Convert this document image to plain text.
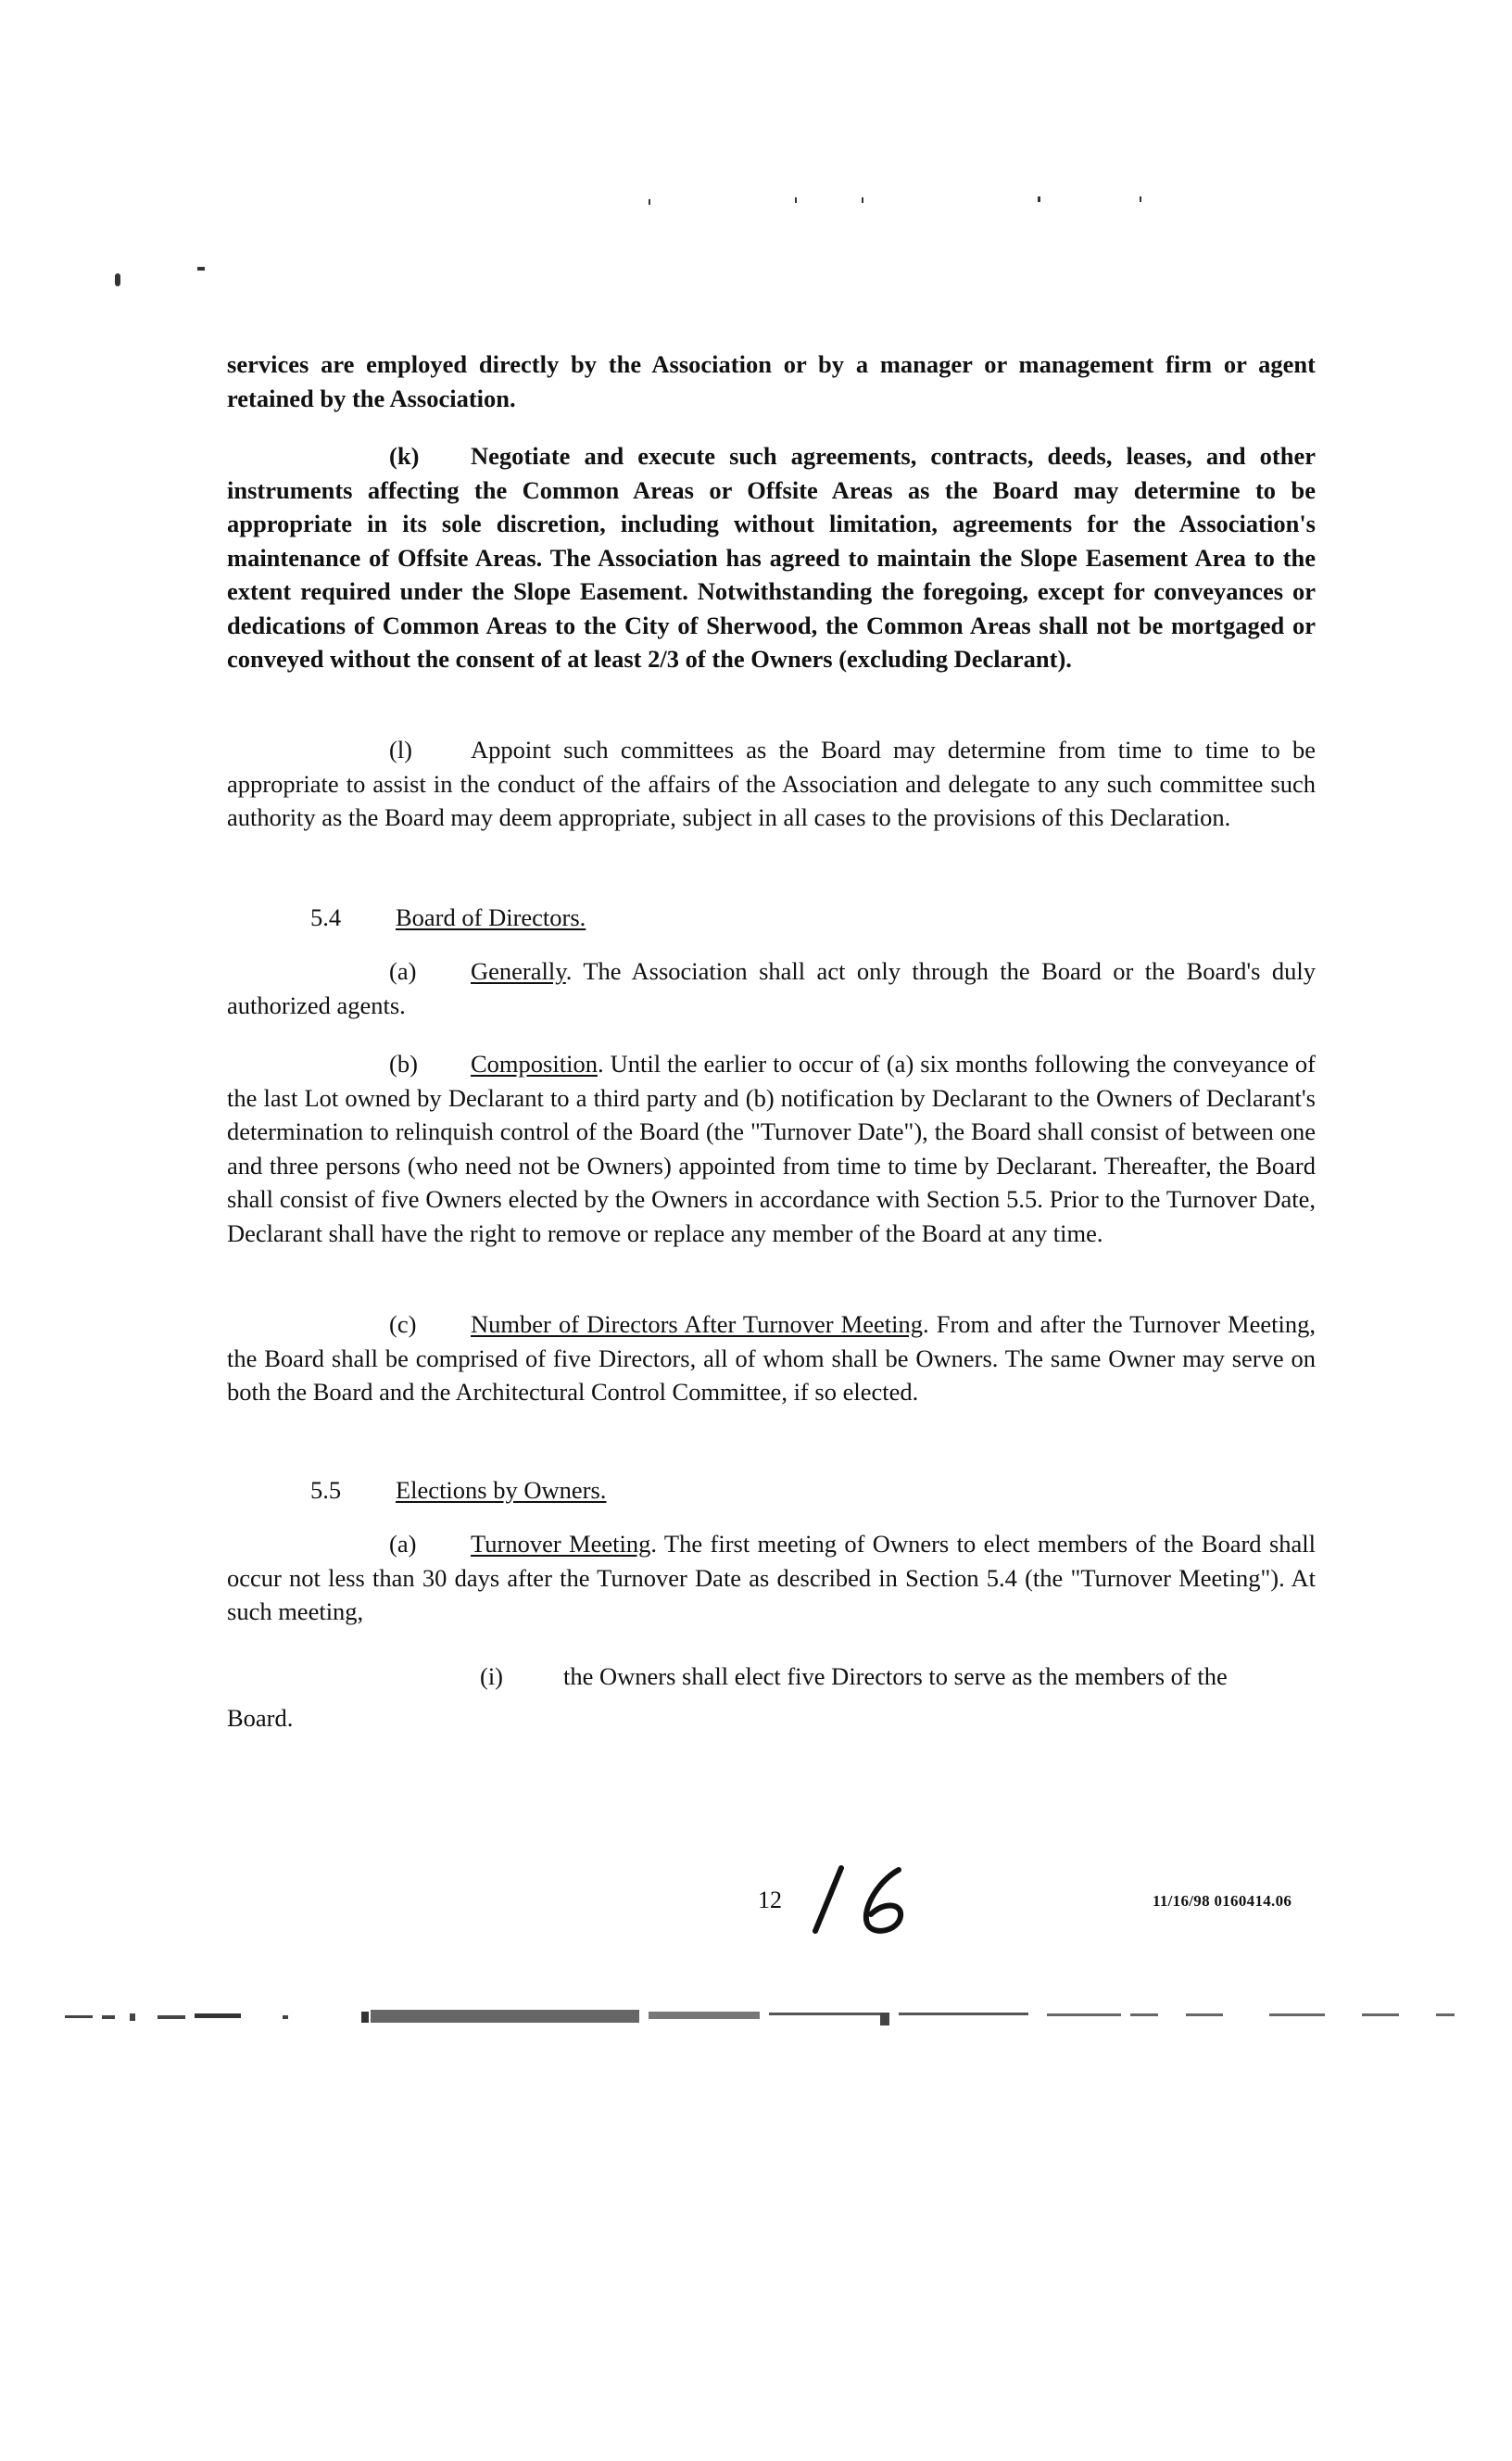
services are employed directly by the Association or by a manager or management firm or agent retained by the Association.
(k) Negotiate and execute such agreements, contracts, deeds, leases, and other instruments affecting the Common Areas or Offsite Areas as the Board may determine to be appropriate in its sole discretion, including without limitation, agreements for the Association's maintenance of Offsite Areas. The Association has agreed to maintain the Slope Easement Area to the extent required under the Slope Easement. Notwithstanding the foregoing, except for conveyances or dedications of Common Areas to the City of Sherwood, the Common Areas shall not be mortgaged or conveyed without the consent of at least 2/3 of the Owners (excluding Declarant).
(l) Appoint such committees as the Board may determine from time to time to be appropriate to assist in the conduct of the affairs of the Association and delegate to any such committee such authority as the Board may deem appropriate, subject in all cases to the provisions of this Declaration.
5.4 Board of Directors.
(a) Generally. The Association shall act only through the Board or the Board's duly authorized agents.
(b) Composition. Until the earlier to occur of (a) six months following the conveyance of the last Lot owned by Declarant to a third party and (b) notification by Declarant to the Owners of Declarant's determination to relinquish control of the Board (the "Turnover Date"), the Board shall consist of between one and three persons (who need not be Owners) appointed from time to time by Declarant. Thereafter, the Board shall consist of five Owners elected by the Owners in accordance with Section 5.5. Prior to the Turnover Date, Declarant shall have the right to remove or replace any member of the Board at any time.
(c) Number of Directors After Turnover Meeting. From and after the Turnover Meeting, the Board shall be comprised of five Directors, all of whom shall be Owners. The same Owner may serve on both the Board and the Architectural Control Committee, if so elected.
5.5 Elections by Owners.
(a) Turnover Meeting. The first meeting of Owners to elect members of the Board shall occur not less than 30 days after the Turnover Date as described in Section 5.4 (the "Turnover Meeting"). At such meeting,
(i) the Owners shall elect five Directors to serve as the members of the
Board.
12	11/16/98 0160414.06
